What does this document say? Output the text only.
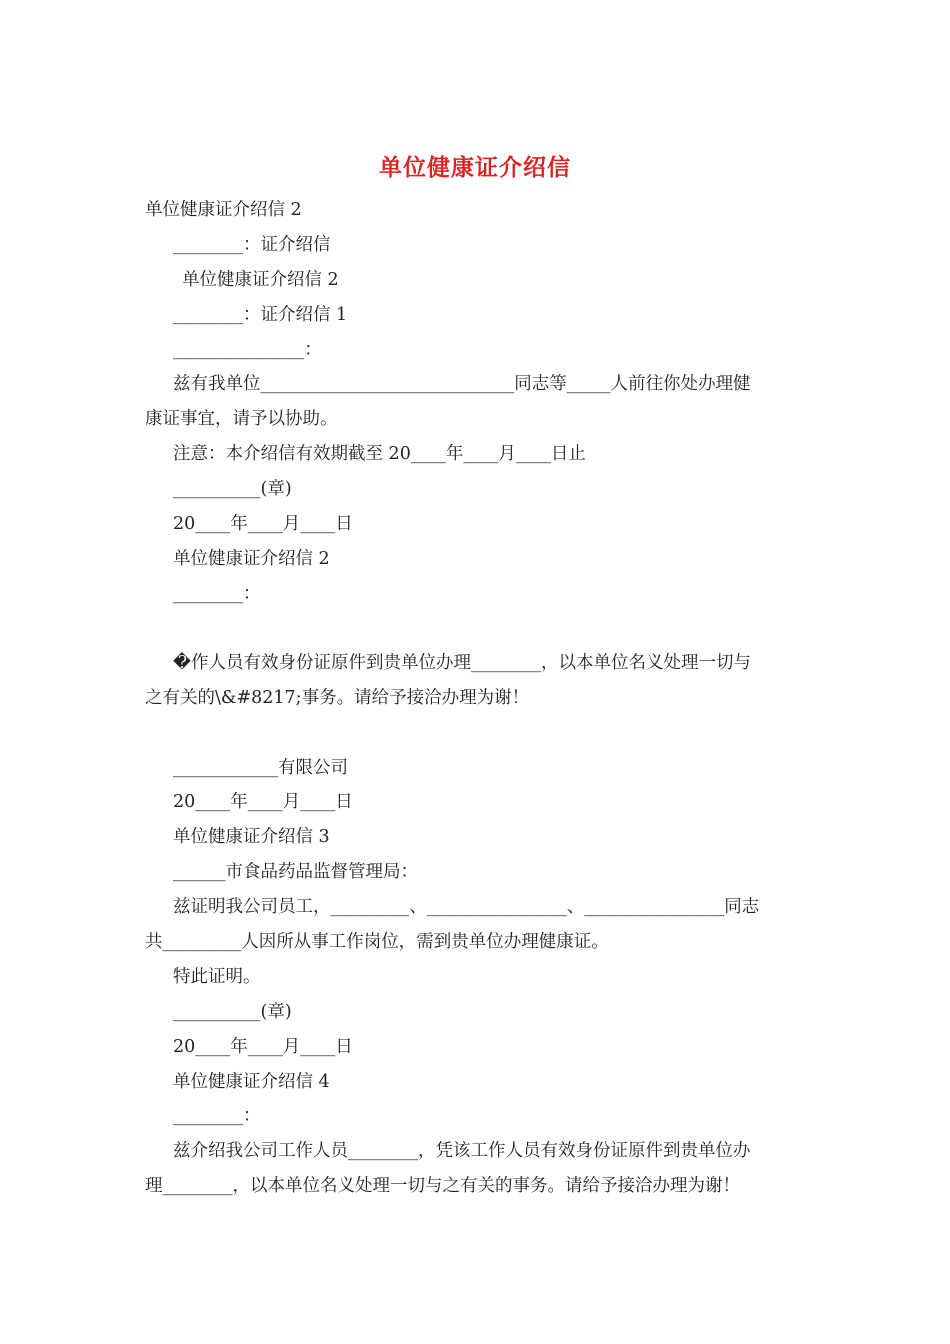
单位健康证介绍信
单位健康证介绍信 2
________：证介绍信
单位健康证介绍信 2
________：证介绍信 1
_______________：
兹有我单位_____________________________同志等_____人前往你处办理健
康证事宜，请予以协助。
注意：本介绍信有效期截至 20____年____月____日止
__________(章)
20____年____月____日
单位健康证介绍信 2
________：
�作人员有效身份证原件到贵单位办理________，以本单位名义处理一切与
之有关的\&#8217;事务。请给予接洽办理为谢！
____________有限公司
20____年____月____日
单位健康证介绍信 3
______市食品药品监督管理局：
兹证明我公司员工，_________、________________、________________同志
共_________人因所从事工作岗位，需到贵单位办理健康证。
特此证明。
__________(章)
20____年____月____日
单位健康证介绍信 4
________：
兹介绍我公司工作人员________，凭该工作人员有效身份证原件到贵单位办
理________，以本单位名义处理一切与之有关的事务。请给予接洽办理为谢！
